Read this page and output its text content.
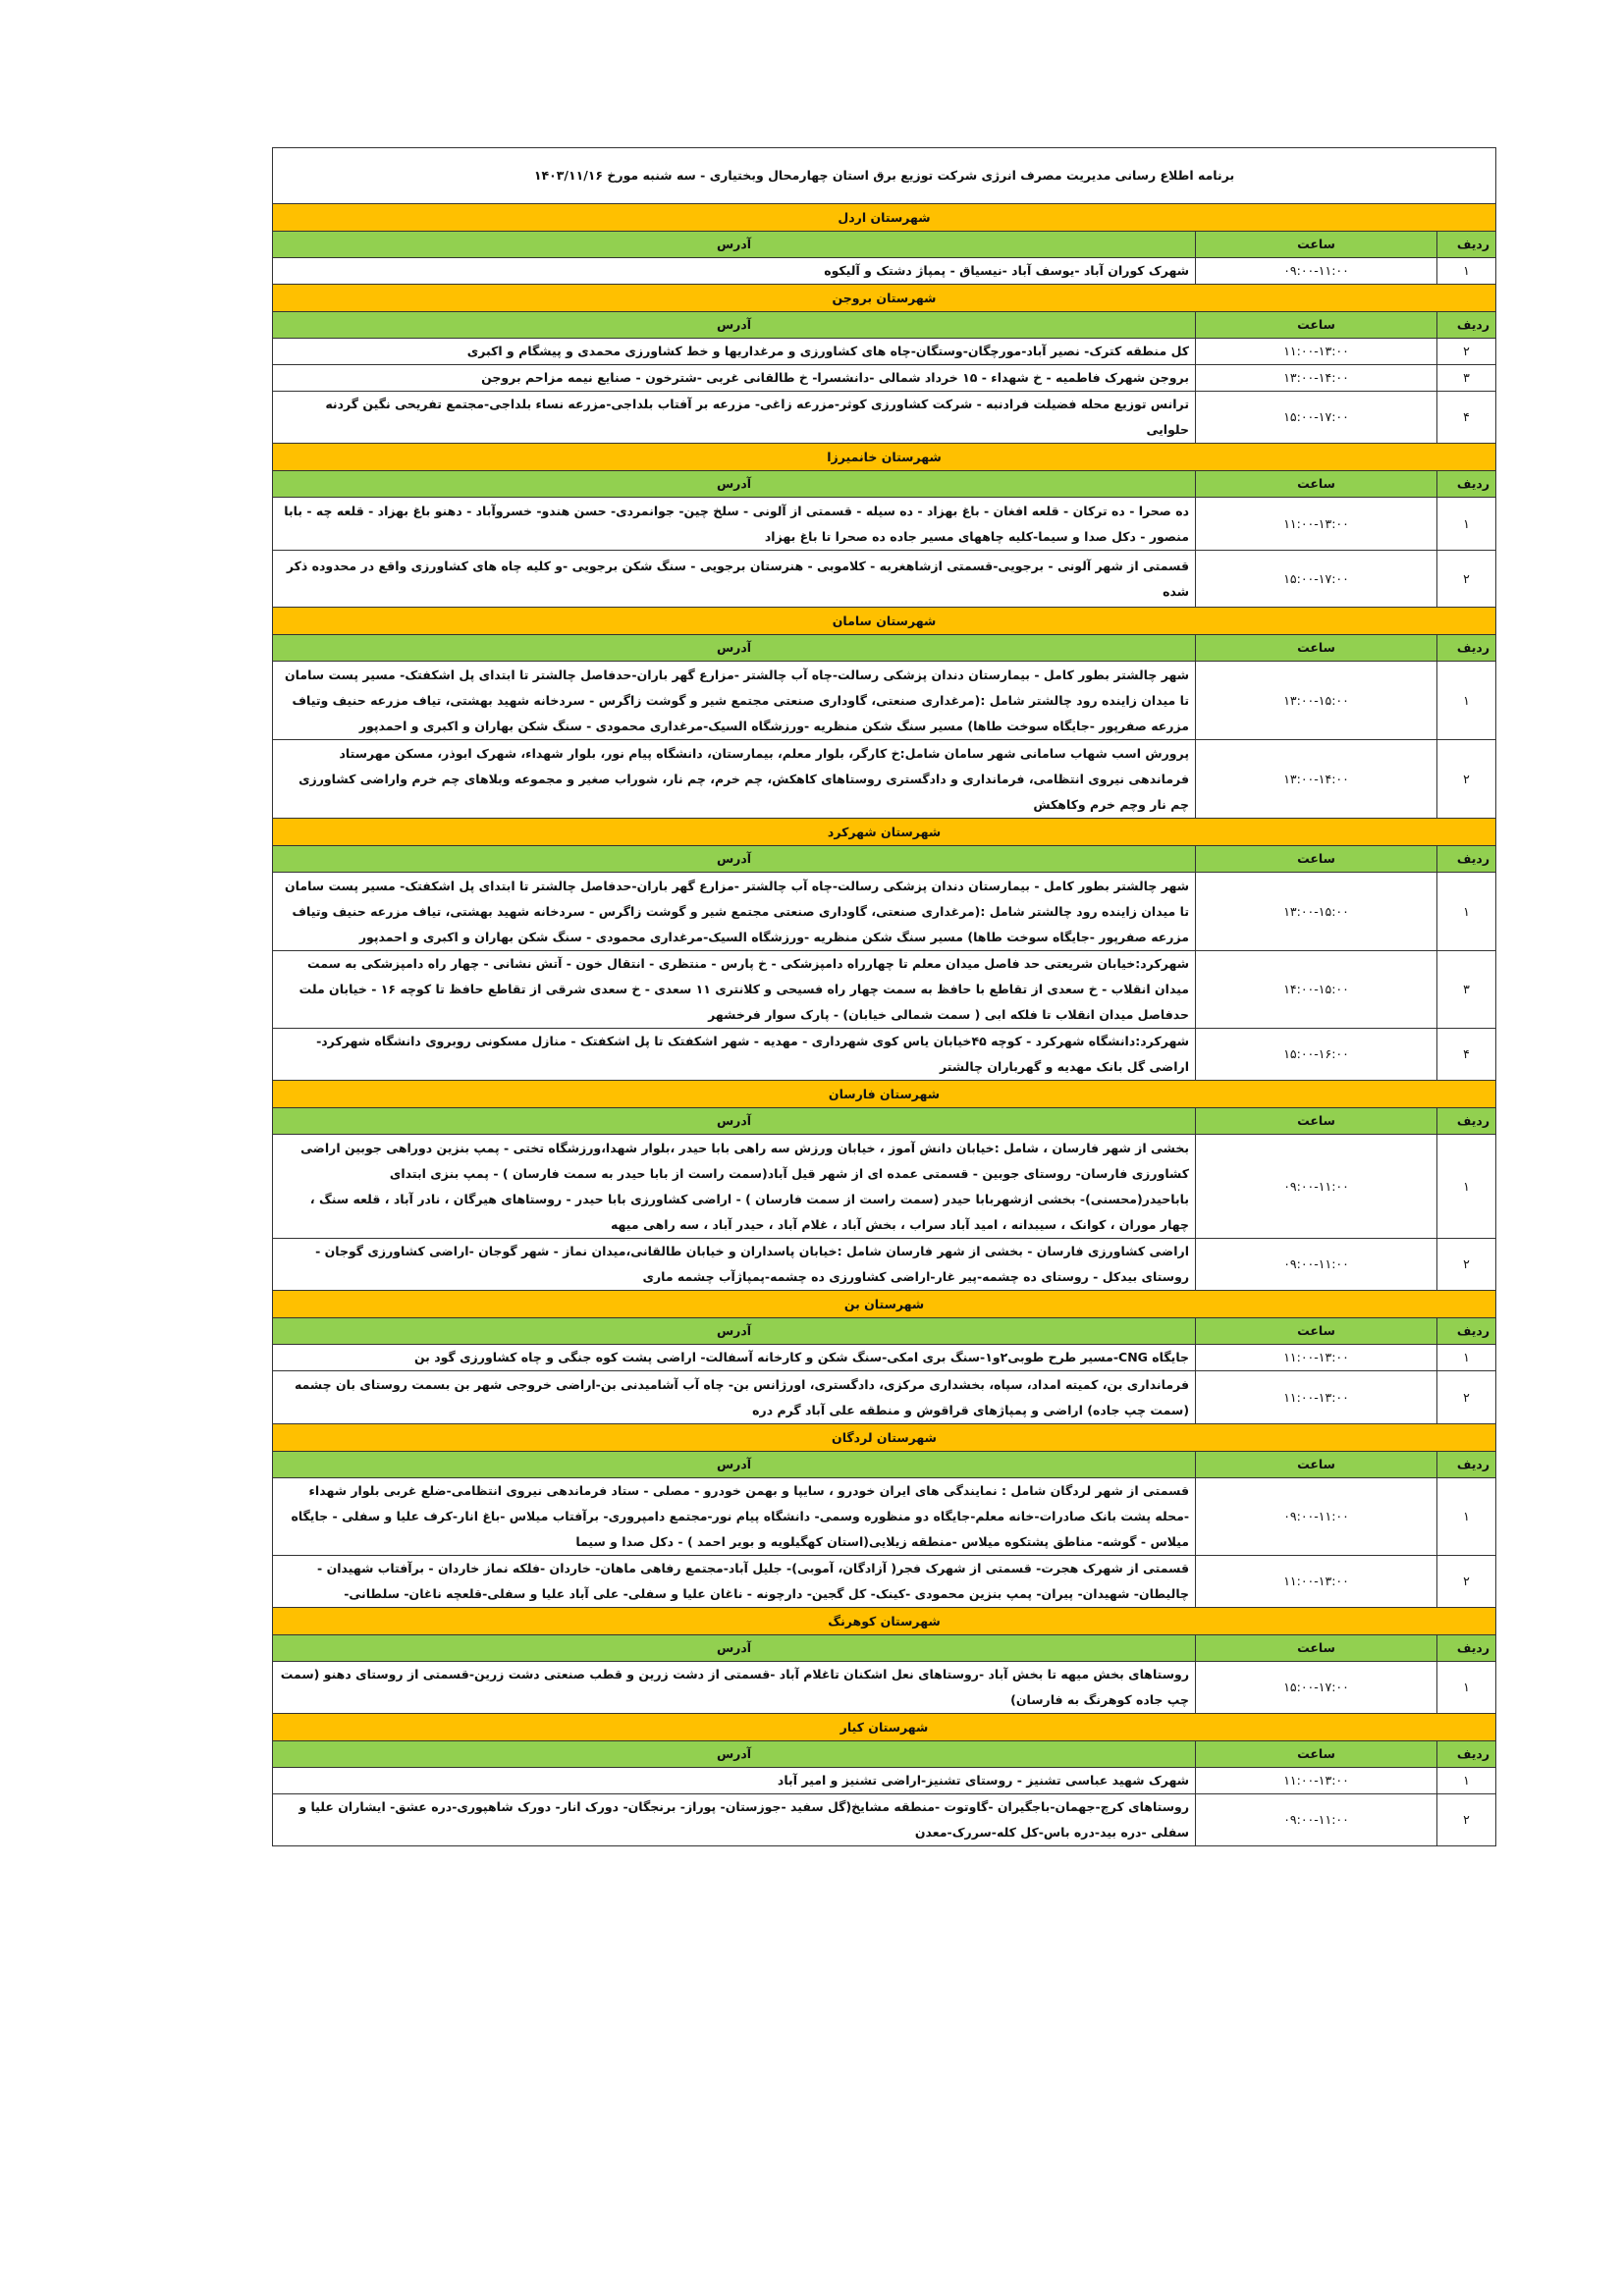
برنامه اطلاع رسانی مدیریت مصرف انرژی شرکت توزیع برق استان چهارمحال وبختیاری - سه شنبه مورخ ۱۴۰۳/۱۱/۱۶		
شهرستان اردل		
ردیف	ساعت	آدرس
۱	۰۹:۰۰-۱۱:۰۰	شهرک کوران آباد -یوسف آباد -نیسیاق - پمپاژ دشتک و آلیکوه
شهرستان بروجن		
ردیف	ساعت	آدرس
۲	۱۱:۰۰-۱۳:۰۰	کل منطقه کترک- نصیر آباد-مورچگان-وستگان-چاه های کشاورزی و مرغداریها و خط کشاورزی محمدی و پیشگام و اکبری
۳	۱۳:۰۰-۱۴:۰۰	بروجن شهرک فاطمیه - خ شهداء - ۱۵ خرداد شمالی -دانشسرا- خ طالقانی غربی -شترخون - صنایع نیمه مزاحم بروجن
۴	۱۵:۰۰-۱۷:۰۰	ترانس توزیع محله فضیلت فرادنبه - شرکت کشاورزی کوثر-مزرعه زاغی- مزرعه بر آفتاب بلداجی-مزرعه نساء بلداجی-مجتمع تفریحی نگین گردنه حلوایی
شهرستان خانمیرزا		
ردیف	ساعت	آدرس
۱	۱۱:۰۰-۱۳:۰۰	ده صحرا - ده ترکان - قلعه افغان - باغ بهزاد - ده سیله - قسمتی از آلونی - سلخ چین- جوانمردی- حسن هندو- خسروآباد - دهنو باغ بهزاد - قلعه چه - بابا منصور - دکل صدا و سیما-کلیه چاههای مسیر جاده ده صحرا تا باغ بهزاد
۲	۱۵:۰۰-۱۷:۰۰	قسمتی از شهر آلونی - برجویی-قسمتی ازشاهغربه - کلاموبی - هنرستان برجویی - سنگ شکن برجویی -و کلیه چاه های کشاورزی واقع در محدوده ذکر شده
شهرستان سامان		
ردیف	ساعت	آدرس
۱	۱۳:۰۰-۱۵:۰۰	شهر چالشتر بطور کامل - بیمارستان دندان پزشکی رسالت-چاه آب چالشتر -مزارع گهر باران-حدفاصل چالشتر تا ابتدای پل اشکفتک- مسیر پست سامان تا میدان زاینده رود چالشتر شامل :(مرغداری صنعتی، گاوداری صنعتی مجتمع شیر و گوشت زاگرس - سردخانه شهید بهشتی، تیاف مزرعه حنیف وتیاف مزرعه صفرپور -جایگاه سوخت طاها) مسیر سنگ شکن منظریه -ورزشگاه السیک-مرغداری محمودی - سنگ شکن بهاران و اکبری و احمدپور
۲	۱۳:۰۰-۱۴:۰۰	پرورش اسب شهاب سامانی شهر سامان شامل:خ کارگر، بلوار معلم، بیمارستان، دانشگاه پیام نور، بلوار شهداء، شهرک ابوذر، مسکن مهرستاد فرماندهی نیروی انتظامی، فرمانداری و دادگستری روستاهای کاهکش، چم خرم، چم نار، شوراب صغیر و مجموعه وبلاهای چم خرم واراضی کشاورزی چم نار وچم خرم وکاهکش
شهرستان شهرکرد		
ردیف	ساعت	آدرس
۱	۱۳:۰۰-۱۵:۰۰	شهر چالشتر بطور کامل - بیمارستان دندان پزشکی رسالت-چاه آب چالشتر -مزارع گهر باران-حدفاصل چالشتر تا ابتدای پل اشکفتک- مسیر پست سامان تا میدان زاینده رود چالشتر شامل :(مرغداری صنعتی، گاوداری صنعتی مجتمع شیر و گوشت زاگرس - سردخانه شهید بهشتی، تیاف مزرعه حنیف وتیاف مزرعه صفرپور -جایگاه سوخت طاها) مسیر سنگ شکن منظریه -ورزشگاه السیک-مرغداری محمودی - سنگ شکن بهاران و اکبری و احمدپور
۳	۱۴:۰۰-۱۵:۰۰	شهرکرد:خیابان شریعتی حد فاصل میدان معلم تا چهارراه دامپزشکی - خ پارس - منتظری - انتقال خون - آتش نشانی - چهار راه دامپزشکی به سمت میدان انقلاب - خ سعدی از تقاطع با حافظ به سمت چهار راه فسیحی و کلانتری ۱۱ سعدی - خ سعدی شرقی از تقاطع حافظ تا کوچه ۱۶ - خیابان ملت حدفاصل میدان انقلاب تا فلکه ابی ( سمت شمالی خیابان) - پارک سوار فرخشهر
۴	۱۵:۰۰-۱۶:۰۰	شهرکرد:دانشگاه شهرکرد - کوچه ۴۵خیابان یاس کوی شهرداری - مهدیه - شهر اشکفتک تا پل اشکفتک - منازل مسکونی روبروی دانشگاه شهرکرد- اراضی گل بانک مهدیه و گهرباران چالشتر
شهرستان فارسان		
ردیف	ساعت	آدرس
۱	۰۹:۰۰-۱۱:۰۰	بخشی از شهر فارسان ، شامل :خیابان دانش آموز ، خیابان ورزش سه راهی بابا حیدر ،بلوار شهدا،ورزشگاه تختی - پمپ بنزین دوراهی جوبین اراضی کشاورزی فارسان- روستای جوبین - قسمتی عمده ای از شهر قیل آباد(سمت راست از بابا حیدر به سمت فارسان ) - پمپ بنزی ابتدای باباحیدر(محسنی)- بخشی ازشهربابا حیدر (سمت راست از سمت فارسان ) - اراضی کشاورزی بابا حیدر - روستاهای هیرگان ، نادر آباد ، قلعه سنگ ، چهار موران ، کوانک ، سیبدانه ، امید آباد سراب ، بخش آباد ، غلام آباد ، حیدر آباد ، سه راهی میهه
۲	۰۹:۰۰-۱۱:۰۰	اراضی کشاورزی فارسان - بخشی از شهر فارسان شامل :خیابان پاسداران و خیابان طالقانی،میدان نماز - شهر گوجان -اراضی کشاورزی گوجان - روستای بیدکل - روستای ده چشمه-پیر غار-اراضی کشاورزی ده چشمه-پمپاژآب چشمه ماری
شهرستان بن		
ردیف	ساعت	آدرس
۱	۱۱:۰۰-۱۳:۰۰	جایگاه CNG-مسیر طرح طوبی۲و۱-سنگ بری امکی-سنگ شکن و کارخانه آسفالت- اراضی پشت کوه جنگی و چاه کشاورزی گود بن
۲	۱۱:۰۰-۱۳:۰۰	فرمانداری بن، کمیته امداد، سپاه، بخشداری مرکزی، دادگستری، اورژانس بن- چاه آب آشامیدنی بن-اراضی خروجی شهر بن بسمت روستای بان چشمه (سمت چپ جاده) اراضی و پمپاژهای قراقوش و منطقه علی آباد گرم دره
شهرستان لردگان		
ردیف	ساعت	آدرس
۱	۰۹:۰۰-۱۱:۰۰	قسمتی از شهر لردگان شامل : نمایندگی های ایران خودرو ، سایپا و بهمن خودرو - مصلی - ستاد فرماندهی نیروی انتظامی-ضلع غربی بلوار شهداء -محله پشت بانک صادرات-خانه معلم-جایگاه دو منظوره وسمی- دانشگاه پیام نور-مجتمع دامپروری- برآفتاب میلاس -باغ انار-کرف علیا و سفلی - جایگاه میلاس - گوشه- مناطق پشتکوه میلاس -منطقه زیلایی(استان کهگیلویه و بویر احمد ) - دکل صدا و سیما
۲	۱۱:۰۰-۱۳:۰۰	قسمتی از شهرک هجرت- قسمتی از شهرک فجر( آزادگان، آموبی)- جلیل آباد-مجتمع رفاهی ماهان- خاردان -فلکه نماز خاردان - برآفتاب شهیدان - چالیطان- شهیدان- پیران- پمپ بنزین محمودی -کینک- کل گجین- دارچونه - ناغان علیا و سفلی- علی آباد علیا و سفلی-قلعچه ناغان- سلطانی-
شهرستان کوهرنگ		
ردیف	ساعت	آدرس
۱	۱۵:۰۰-۱۷:۰۰	روستاهای بخش میهه تا بخش آباد -روستاهای نعل اشکنان تاغلام آباد -قسمتی از دشت زرین و قطب صنعتی دشت زرین-قسمتی از روستای دهنو (سمت چپ جاده کوهرنگ به فارسان)
شهرستان کیار		
ردیف	ساعت	آدرس
۱	۱۱:۰۰-۱۳:۰۰	شهرک شهید عباسی تشنیز - روستای تشنیز-اراضی تشنیز و امیر آباد
۲	۰۹:۰۰-۱۱:۰۰	روستاهای کرچ-جهمان-باجگیران -گاوتوت -منطقه مشایخ(گل سفید -جوزستان- پوراز- برنجگان- دورک انار- دورک شاهپوری-دره عشق- ایشاران علیا و سفلی -دره بید-دره باس-کل کله-سررک-معدن
